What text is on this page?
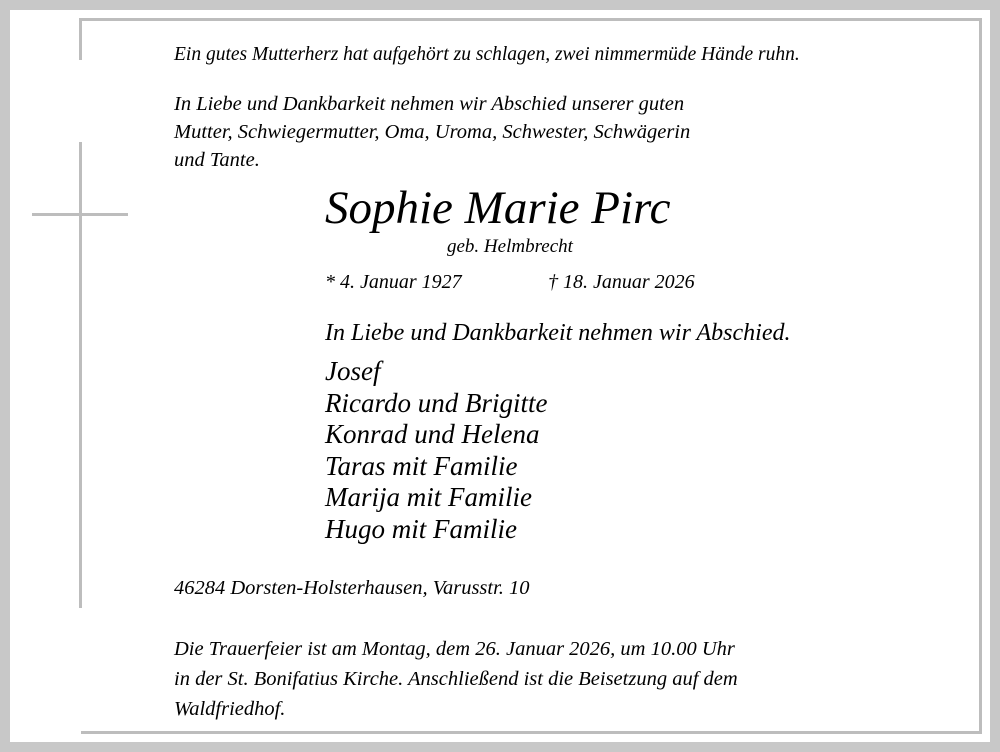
Ein gutes Mutterherz hat aufgehört zu schlagen, zwei nimmermüde Hände ruhn.

In Liebe und Dankbarkeit nehmen wir Abschied unserer guten
Mutter, Schwiegermutter, Oma, Uroma, Schwester, Schwägerin
und Tante.

Sophie Marie Pirc

geb. Helmbrecht

* 4. Januar 1927	† 18. Januar 2026

In Liebe und Dankbarkeit nehmen wir Abschied.

Josef
Ricardo und Brigitte
Konrad und Helena
Taras mit Familie
Marija mit Familie
Hugo mit Familie

46284 Dorsten-Holsterhausen, Varusstr. 10

Die Trauerfeier ist am Montag, dem 26. Januar 2026, um 10.00 Uhr
in der St. Bonifatius Kirche. Anschließend ist die Beisetzung auf dem
Waldfriedhof.
